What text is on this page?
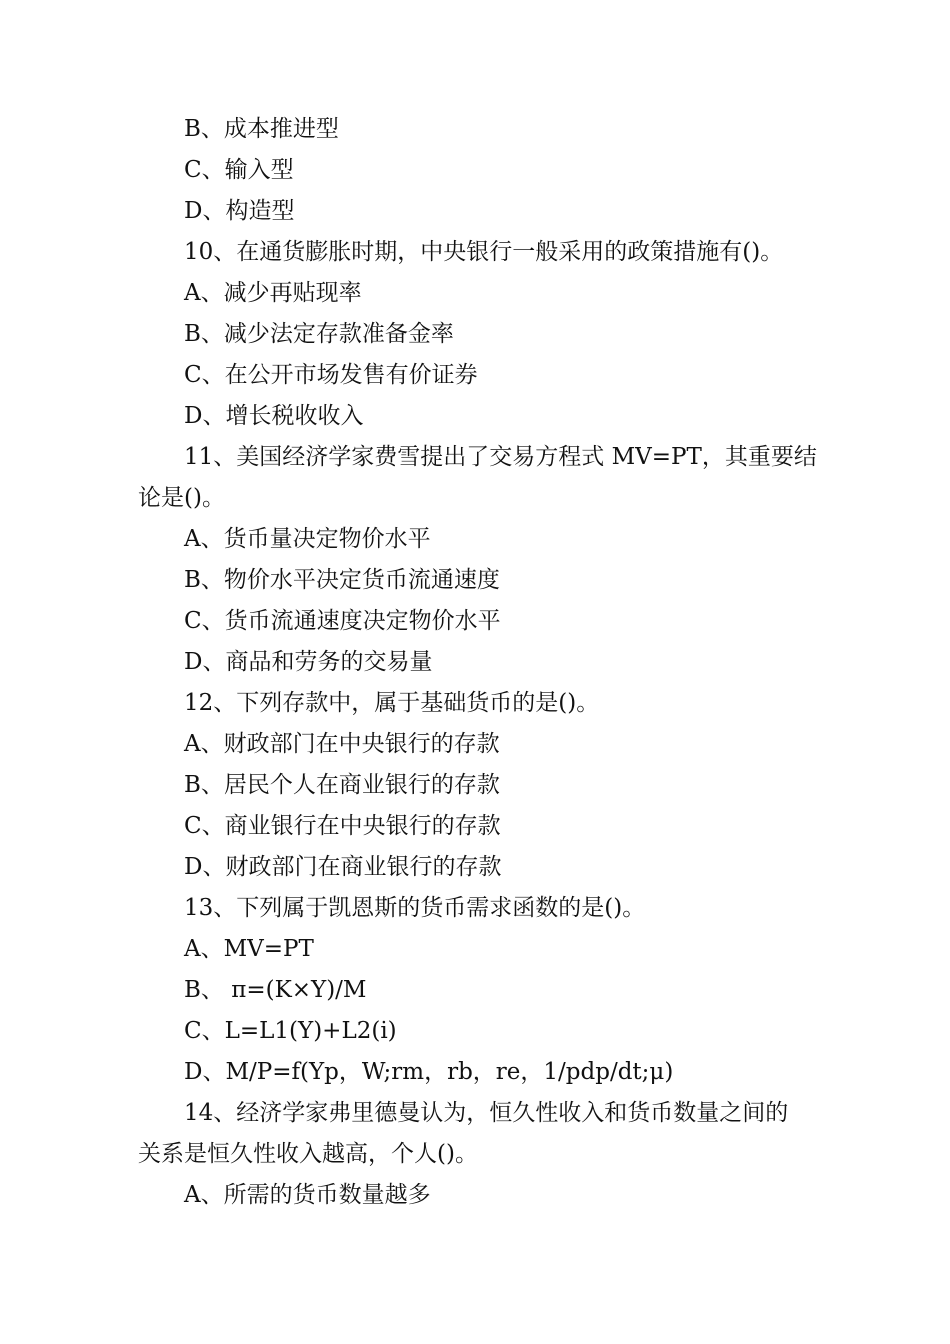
B、成本推进型
C、输入型
D、构造型
10、在通货膨胀时期，中央银行一般采用的政策措施有()。
A、减少再贴现率
B、减少法定存款准备金率
C、在公开市场发售有价证券
D、增长税收收入
11、美国经济学家费雪提出了交易方程式 MV=PT，其重要结
论是()。
A、货币量决定物价水平
B、物价水平决定货币流通速度
C、货币流通速度决定物价水平
D、商品和劳务的交易量
12、下列存款中，属于基础货币的是()。
A、财政部门在中央银行的存款
B、居民个人在商业银行的存款
C、商业银行在中央银行的存款
D、财政部门在商业银行的存款
13、下列属于凯恩斯的货币需求函数的是()。
A、MV=PT
B、 π=(K×Y)/M
C、L=L1(Y)+L2(i)
D、M/P=f(Yp，W;rm，rb，re，1/pdp/dt;μ)
14、经济学家弗里德曼认为，恒久性收入和货币数量之间的
关系是恒久性收入越高，个人()。
A、所需的货币数量越多
